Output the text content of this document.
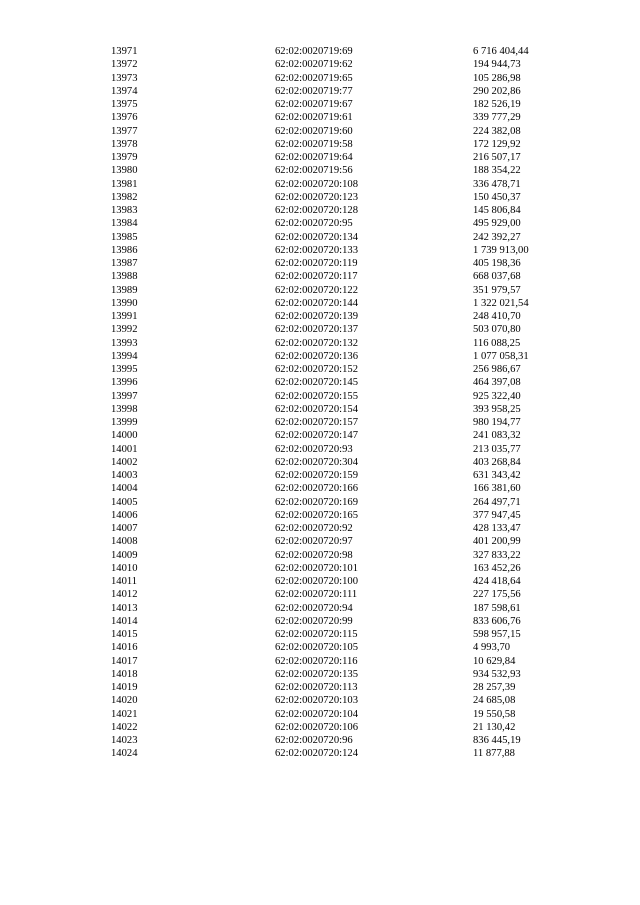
13971	62:02:0020719:69	6 716 404,44
13972	62:02:0020719:62	194 944,73
13973	62:02:0020719:65	105 286,98
13974	62:02:0020719:77	290 202,86
13975	62:02:0020719:67	182 526,19
13976	62:02:0020719:61	339 777,29
13977	62:02:0020719:60	224 382,08
13978	62:02:0020719:58	172 129,92
13979	62:02:0020719:64	216 507,17
13980	62:02:0020719:56	188 354,22
13981	62:02:0020720:108	336 478,71
13982	62:02:0020720:123	150 450,37
13983	62:02:0020720:128	145 806,84
13984	62:02:0020720:95	495 929,00
13985	62:02:0020720:134	242 392,27
13986	62:02:0020720:133	1 739 913,00
13987	62:02:0020720:119	405 198,36
13988	62:02:0020720:117	668 037,68
13989	62:02:0020720:122	351 979,57
13990	62:02:0020720:144	1 322 021,54
13991	62:02:0020720:139	248 410,70
13992	62:02:0020720:137	503 070,80
13993	62:02:0020720:132	116 088,25
13994	62:02:0020720:136	1 077 058,31
13995	62:02:0020720:152	256 986,67
13996	62:02:0020720:145	464 397,08
13997	62:02:0020720:155	925 322,40
13998	62:02:0020720:154	393 958,25
13999	62:02:0020720:157	980 194,77
14000	62:02:0020720:147	241 083,32
14001	62:02:0020720:93	213 035,77
14002	62:02:0020720:304	403 268,84
14003	62:02:0020720:159	631 343,42
14004	62:02:0020720:166	166 381,60
14005	62:02:0020720:169	264 497,71
14006	62:02:0020720:165	377 947,45
14007	62:02:0020720:92	428 133,47
14008	62:02:0020720:97	401 200,99
14009	62:02:0020720:98	327 833,22
14010	62:02:0020720:101	163 452,26
14011	62:02:0020720:100	424 418,64
14012	62:02:0020720:111	227 175,56
14013	62:02:0020720:94	187 598,61
14014	62:02:0020720:99	833 606,76
14015	62:02:0020720:115	598 957,15
14016	62:02:0020720:105	4 993,70
14017	62:02:0020720:116	10 629,84
14018	62:02:0020720:135	934 532,93
14019	62:02:0020720:113	28 257,39
14020	62:02:0020720:103	24 685,08
14021	62:02:0020720:104	19 550,58
14022	62:02:0020720:106	21 130,42
14023	62:02:0020720:96	836 445,19
14024	62:02:0020720:124	11 877,88
